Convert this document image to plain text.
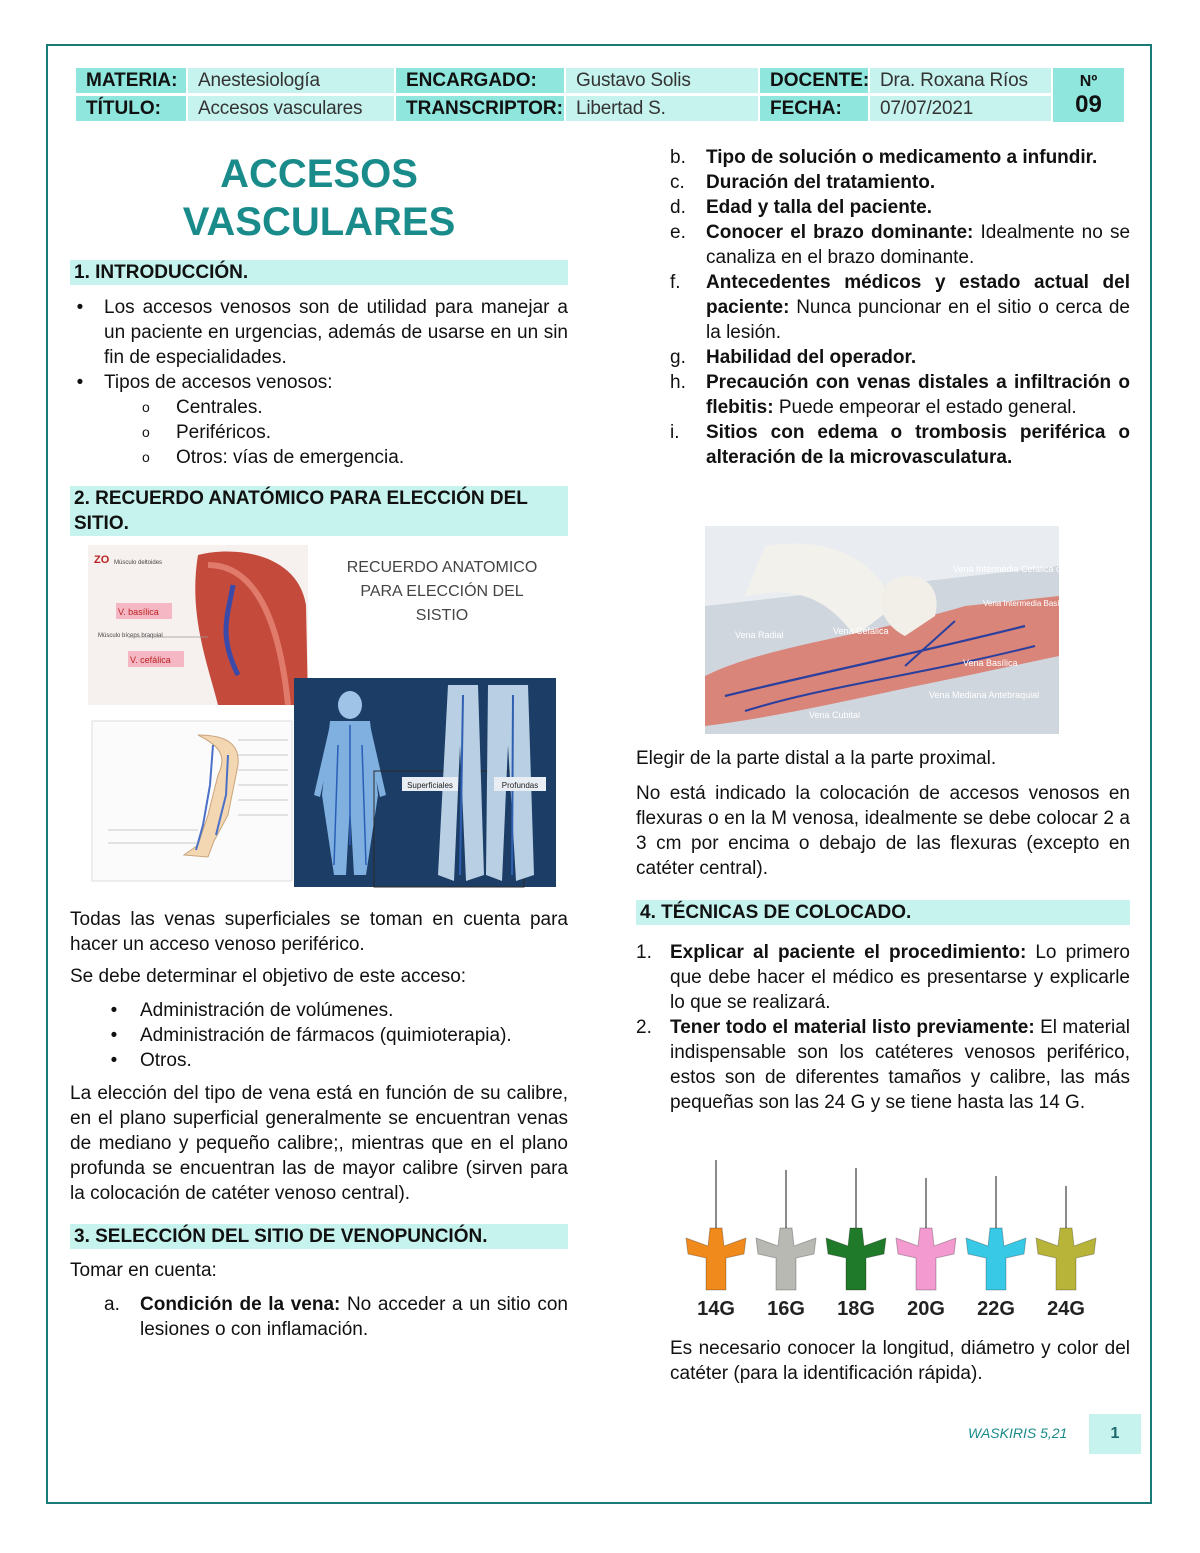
MATERIA:	Anestesiología	ENCARGADO:	Gustavo Solis	DOCENTE: Dra. Roxana Ríos
TÍTULO:	Accesos vasculares	TRANSCRIPTOR: Libertad S.	FECHA:	07/07/2021
Nº
09
ACCESOS
VASCULARES
1. INTRODUCCIÓN.
•	Los accesos venosos son de utilidad para manejar a un paciente en urgencias, además de usarse en un sin fin de especialidades.
•	Tipos de accesos venosos:
o Centrales.
o Periféricos.
o Otros: vías de emergencia.
2. RECUERDO ANATÓMICO PARA ELECCIÓN DEL SITIO.
V. basílica
V. cefálica
ZO Músculo deltoides
Músculo bíceps braquial
RECUERDO ANATOMICO
PARA ELECCIÓN DEL
SISTIO
Superficiales	Profundas

Todas las venas superficiales se toman en cuenta para hacer un acceso venoso periférico.

Se debe determinar el objetivo de este acceso:

•	Administración de volúmenes.
•	Administración de fármacos (quimioterapia).
•	Otros.

La elección del tipo de vena está en función de su calibre, en el plano superficial generalmente se encuentran venas de mediano y pequeño calibre;, mientras que en el plano profunda se encuentran las de mayor calibre (sirven para la colocación de catéter venoso central).

3. SELECCIÓN DEL SITIO DE VENOPUNCIÓN.

Tomar en cuenta:

a. Condición de la vena: No acceder a un sitio con lesiones o con inflamación.
b. Tipo de solución o medicamento a infundir.
c. Duración del tratamiento.
d. Edad y talla del paciente.
e. Conocer el brazo dominante: Idealmente no se canaliza en el brazo dominante.
f. Antecedentes médicos y estado actual del paciente: Nunca puncionar en el sitio o cerca de la lesión.
g. Habilidad del operador.
h. Precaución con venas distales a infiltración o flebitis: Puede empeorar el estado general.
i. Sitios con edema o trombosis periférica o alteración de la microvasculatura.
Vena Intermedia Cefálica o Cubital
Vena Cefálica
Vena Intermedia Basílica o Cubital
Vena Radial
Vena Basílica
Vena Mediana Antebraquial
Vena Cubital

Elegir de la parte distal a la parte proximal.

No está indicado la colocación de accesos venosos en flexuras o en la M venosa, idealmente se debe colocar 2 a 3 cm por encima o debajo de las flexuras (excepto en catéter central).

4. TÉCNICAS DE COLOCADO.
1. Explicar al paciente el procedimiento: Lo primero que debe hacer el médico es presentarse y explicarle lo que se realizará.
2. Tener todo el material listo previamente: El material indispensable son los catéteres venosos periférico, estos son de diferentes tamaños y calibre, las más pequeñas son las 24 G y se tiene hasta las 14 G.
14G 16G 18G 20G 22G 24G
Es necesario conocer la longitud, diámetro y color del catéter (para la identificación rápida).
WASKIRIS 5,21	1
